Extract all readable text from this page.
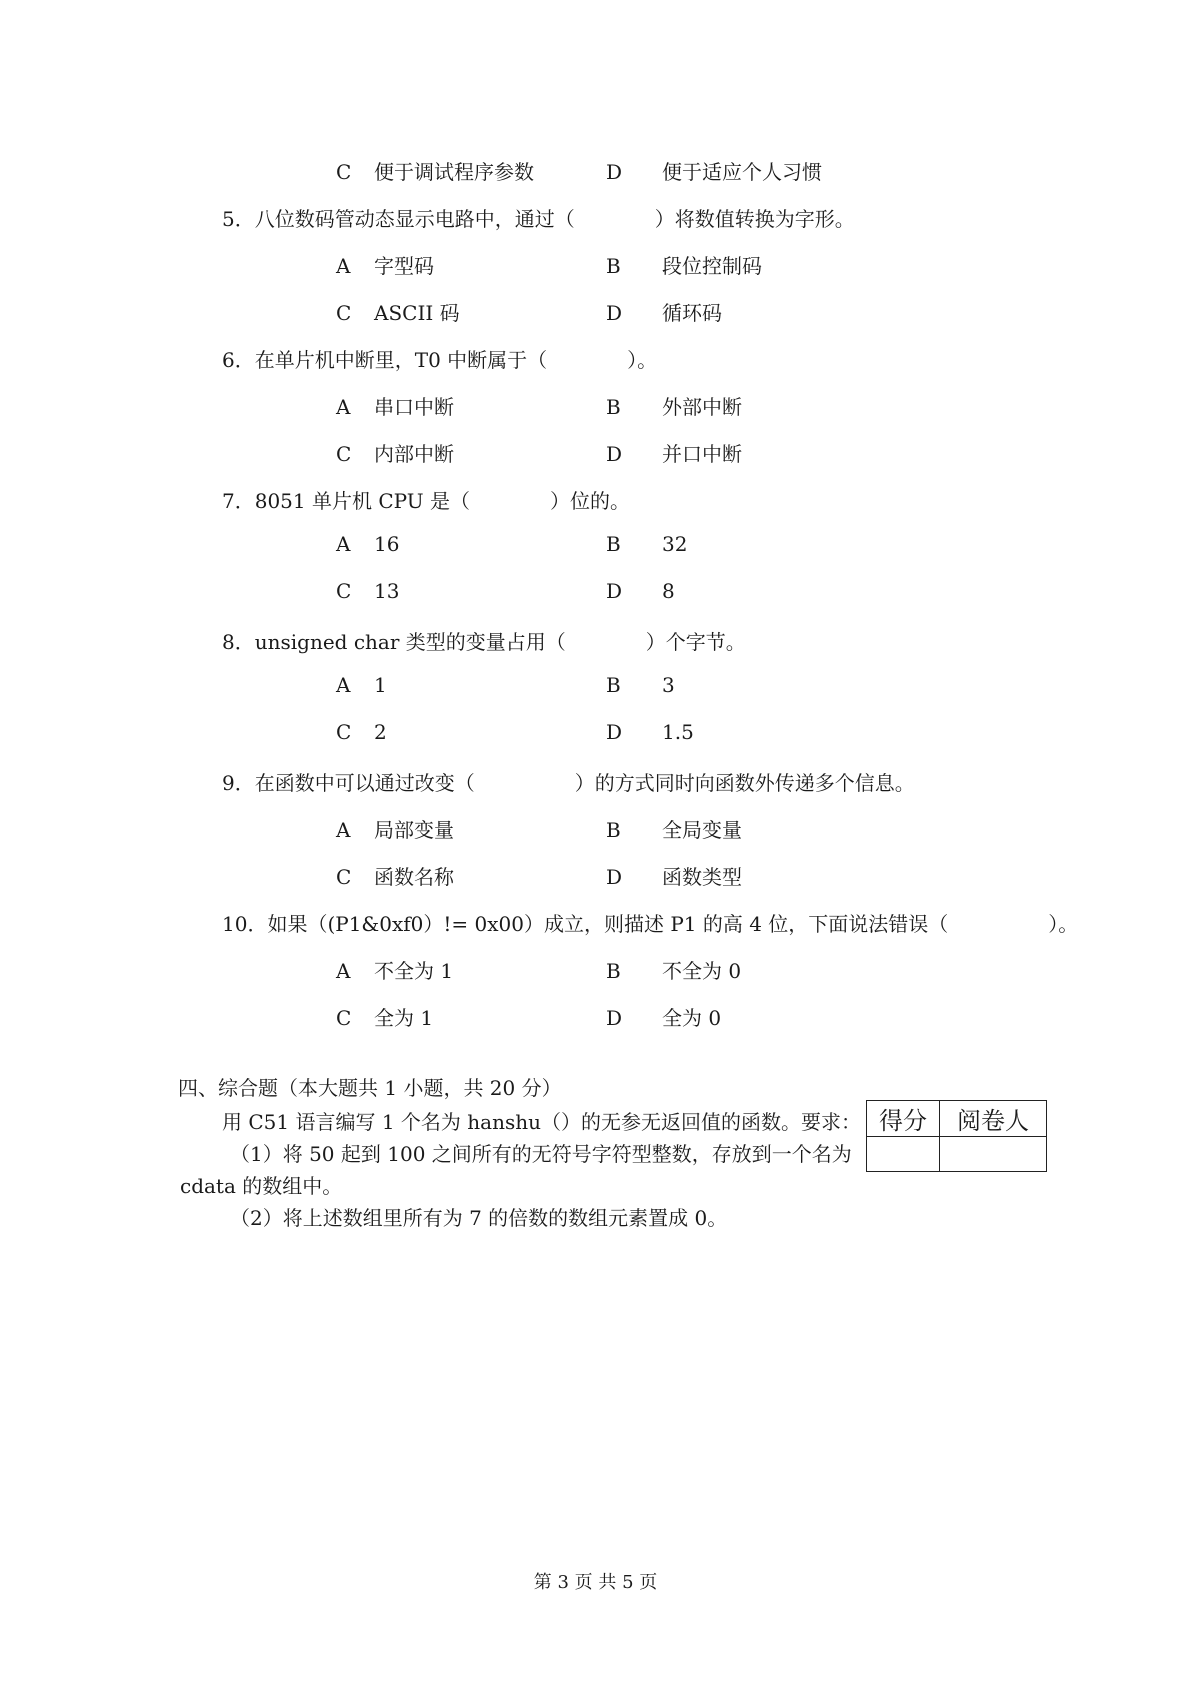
C 便于调试程序参数	D 便于适应个人习惯
5．八位数码管动态显示电路中，通过（　　　　）将数值转换为字形。
A 字型码	B 段位控制码
C ASCII 码	D 循环码
6．在单片机中断里，T0 中断属于（　　　　）。
A 串口中断	B 外部中断
C 内部中断	D 并口中断
7．8051 单片机 CPU 是（　　　　）位的。
A 16	B 32
C 13	D 8
8．unsigned char 类型的变量占用（　　　　）个字节。
A 1	B 3
C 2	D 1.5
9．在函数中可以通过改变（　　　　　）的方式同时向函数外传递多个信息。
A 局部变量	B 全局变量
C 函数名称	D 函数类型
10．如果（(P1&0xf0）!= 0x00）成立，则描述 P1 的高 4 位，下面说法错误（　　　　　）。
A 不全为 1	B 不全为 0
C 全为 1	D 全为 0
四、综合题（本大题共 1 小题，共 20 分）
用 C51 语言编写 1 个名为 hanshu（）的无参无返回值的函数。要求：
（1）将 50 起到 100 之间所有的无符号字符型整数，存放到一个名为
cdata 的数组中。
（2）将上述数组里所有为 7 的倍数的数组元素置成 0。
得分	阅卷人

第 3 页 共 5 页
